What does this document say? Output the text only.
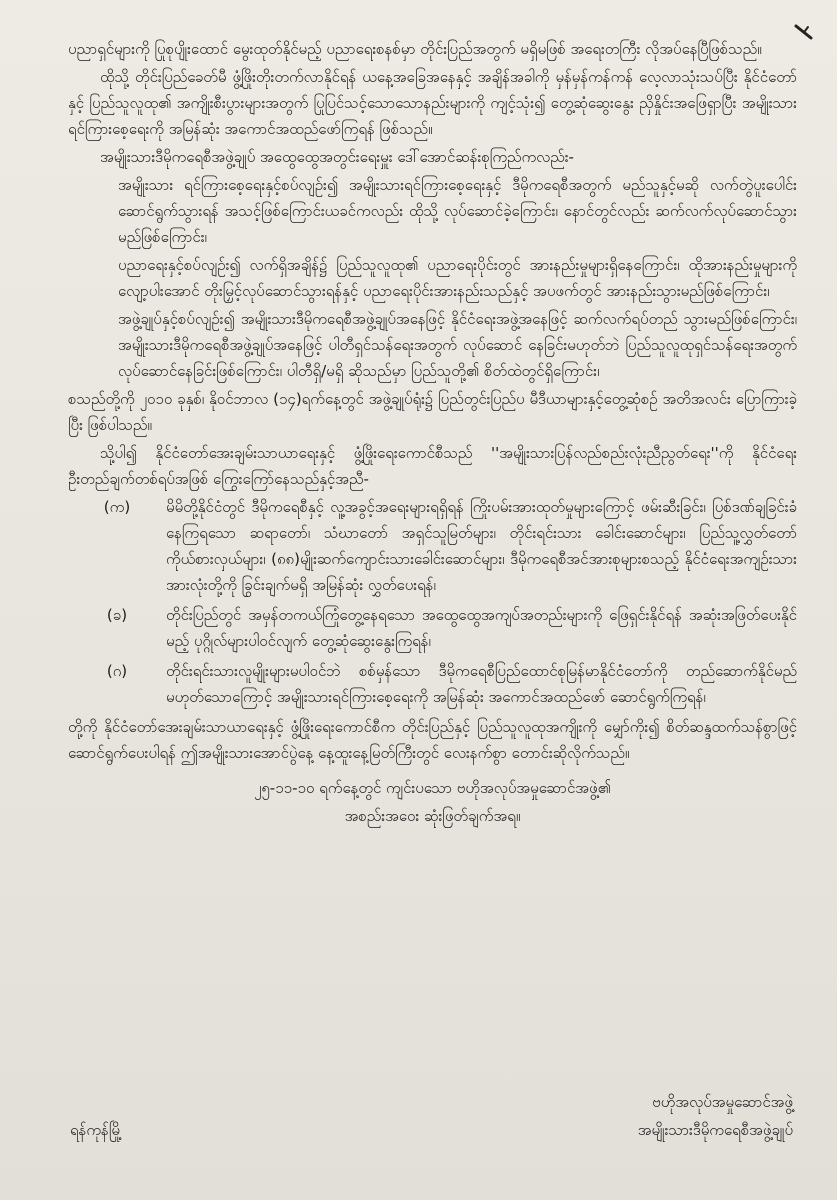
ပညာရှင်များကို ပြုစုပျိုးထောင် မွေးထုတ်နိုင်မည့် ပညာရေးစနစ်မှာ တိုင်းပြည်အတွက် မရှိမဖြစ် အရေးတကြီး လိုအပ်နေပြီဖြစ်သည်။

ထိုသို့ တိုင်းပြည်ခေတ်မီ ဖွံ့ဖြိုးတိုးတက်လာနိုင်ရန် ယနေ့အခြေအနေနှင့် အချိန်အခါကို မှန်မှန်ကန်ကန် လေ့လာသုံးသပ်ပြီး နိုင်ငံတော်နှင့် ပြည်သူလူထု၏ အကျိုးစီးပွားများအတွက် ပြုပြင်သင့်သောသောနည်းများကို ကျင့်သုံး၍ တွေ့ဆုံဆွေးနွေး ညှိနှိုင်းအဖြေရှာပြီး အမျိုးသားရင်ကြားစေ့ရေးကို အမြန်ဆုံး အကောင်အထည်ဖော်ကြရန် ဖြစ်သည်။

အမျိုးသားဒီမိုကရေစီအဖွဲ့ချုပ် အထွေထွေအတွင်းရေးမှူး ဒေါ်အောင်ဆန်းစုကြည်ကလည်း-

အမျိုးသား ရင်ကြားစေ့ရေးနှင့်စပ်လျဉ်း၍ အမျိုးသားရင်ကြားစေ့ရေးနှင့် ဒီမိုကရေစီအတွက် မည်သူနှင့်မဆို လက်တွဲပူးပေါင်း ဆောင်ရွက်သွားရန် အသင့်ဖြစ်ကြောင်းယခင်ကလည်း ထိုသို့ လုပ်ဆောင်ခဲ့ကြောင်း၊ နောင်တွင်လည်း ဆက်လက်လုပ်ဆောင်သွားမည်ဖြစ်ကြောင်း၊

ပညာရေးနှင့်စပ်လျဉ်း၍ လက်ရှိအချိန်၌ ပြည်သူလူထု၏ ပညာရေးပိုင်းတွင် အားနည်းမှုများရှိနေကြောင်း၊ ထိုအားနည်းမှုများကို လျော့ပါးအောင် တိုးမြှင့်လုပ်ဆောင်သွားရန်နှင့် ပညာရေးပိုင်းအားနည်းသည်နှင့် အပဖက်တွင် အားနည်းသွားမည်ဖြစ်ကြောင်း၊

အဖွဲ့ချုပ်နှင့်စပ်လျဉ်း၍ အမျိုးသားဒီမိုကရေစီအဖွဲ့ချုပ်အနေဖြင့် နိုင်ငံရေးအဖွဲ့အနေဖြင့် ဆက်လက်ရပ်တည် သွားမည်ဖြစ်ကြောင်း၊ အမျိုးသားဒီမိုကရေစီအဖွဲ့ချုပ်အနေဖြင့် ပါတီရှင်သန်ရေးအတွက် လုပ်ဆောင် နေခြင်းမဟုတ်ဘဲ ပြည်သူလူထုရှင်သန်ရေးအတွက် လုပ်ဆောင်နေခြင်းဖြစ်ကြောင်း၊ ပါတီရှိ/မရှိ ဆိုသည်မှာ ပြည်သူတို့၏ စိတ်ထဲတွင်ရှိကြောင်း၊

စသည်တို့ကို ၂၀၁၀ ခုနှစ်၊ နိုဝင်ဘာလ (၁၄)ရက်နေ့တွင် အဖွဲ့ချုပ်ရုံး၌ ပြည်တွင်းပြည်ပ မီဒီယာများနှင့်တွေ့ဆုံစဉ် အတိအလင်း ပြောကြားခဲ့ပြီး ဖြစ်ပါသည်။

သို့ပါ၍ နိုင်ငံတော်အေးချမ်းသာယာရေးနှင့် ဖွံ့ဖြိုးရေးကောင်စီသည် ''အမျိုးသားပြန်လည်စည်းလုံးညီညွတ်ရေး''ကို နိုင်ငံရေးဦးတည်ချက်တစ်ရပ်အဖြစ် ကြွေးကြော်နေသည်နှင့်အညီ-

(က)	မိမိတို့နိုင်ငံတွင် ဒီမိုကရေစီနှင့် လူ့အခွင့်အရေးများရရှိရန် ကြိုးပမ်းအားထုတ်မှုများကြောင့် ဖမ်းဆီးခြင်း၊ ပြစ်ဒဏ်ချခြင်းခံနေကြရသော ဆရာတော်၊ သံဃာတော် အရှင်သူမြတ်များ၊ တိုင်းရင်းသား ခေါင်းဆောင်များ၊ ပြည်သူ့လွှတ်တော်ကိုယ်စားလှယ်များ၊ (၈၈)မျိုးဆက်ကျောင်းသားခေါင်းဆောင်များ၊ ဒီမိုကရေစီအင်အားစုများစသည့် နိုင်ငံရေးအကျဉ်းသားအားလုံးတို့ကို ခြွင်းချက်မရှိ အမြန်ဆုံး လွှတ်ပေးရန်၊
(ခ)	တိုင်းပြည်တွင် အမှန်တကယ်ကြုံတွေ့နေရသော အထွေထွေအကျပ်အတည်းများကို ဖြေရှင်းနိုင်ရန် အဆုံးအဖြတ်ပေးနိုင်မည့် ပုဂ္ဂိုလ်များပါဝင်လျက် တွေ့ဆုံဆွေးနွေးကြရန်၊
(ဂ)	တိုင်းရင်းသားလူမျိုးများမပါဝင်ဘဲ စစ်မှန်သော ဒီမိုကရေစီပြည်ထောင်စုမြန်မာနိုင်ငံတော်ကို တည်ဆောက်နိုင်မည် မဟုတ်သောကြောင့် အမျိုးသားရင်ကြားစေ့ရေးကို အမြန်ဆုံး အကောင်အထည်ဖော် ဆောင်ရွက်ကြရန်၊

တို့ကို နိုင်ငံတော်အေးချမ်းသာယာရေးနှင့် ဖွံ့ဖြိုးရေးကောင်စီက တိုင်းပြည်နှင့် ပြည်သူလူထုအကျိုးကို မျှော်ကိုး၍ စိတ်ဆန္ဒထက်သန်စွာဖြင့် ဆောင်ရွက်ပေးပါရန် ဤအမျိုးသားအောင်ပွဲနေ့ နေ့ထူးနေ့မြတ်ကြီးတွင် လေးနက်စွာ တောင်းဆိုလိုက်သည်။

၂၅-၁၁-၁၀ ရက်နေ့တွင် ကျင်းပသော ဗဟိုအလုပ်အမှုဆောင်အဖွဲ့၏
အစည်းအဝေး ဆုံးဖြတ်ချက်အရ။
ဗဟိုအလုပ်အမှုဆောင်အဖွဲ့
အမျိုးသားဒီမိုကရေစီအဖွဲ့ချုပ်
ရန်ကုန်မြို့
